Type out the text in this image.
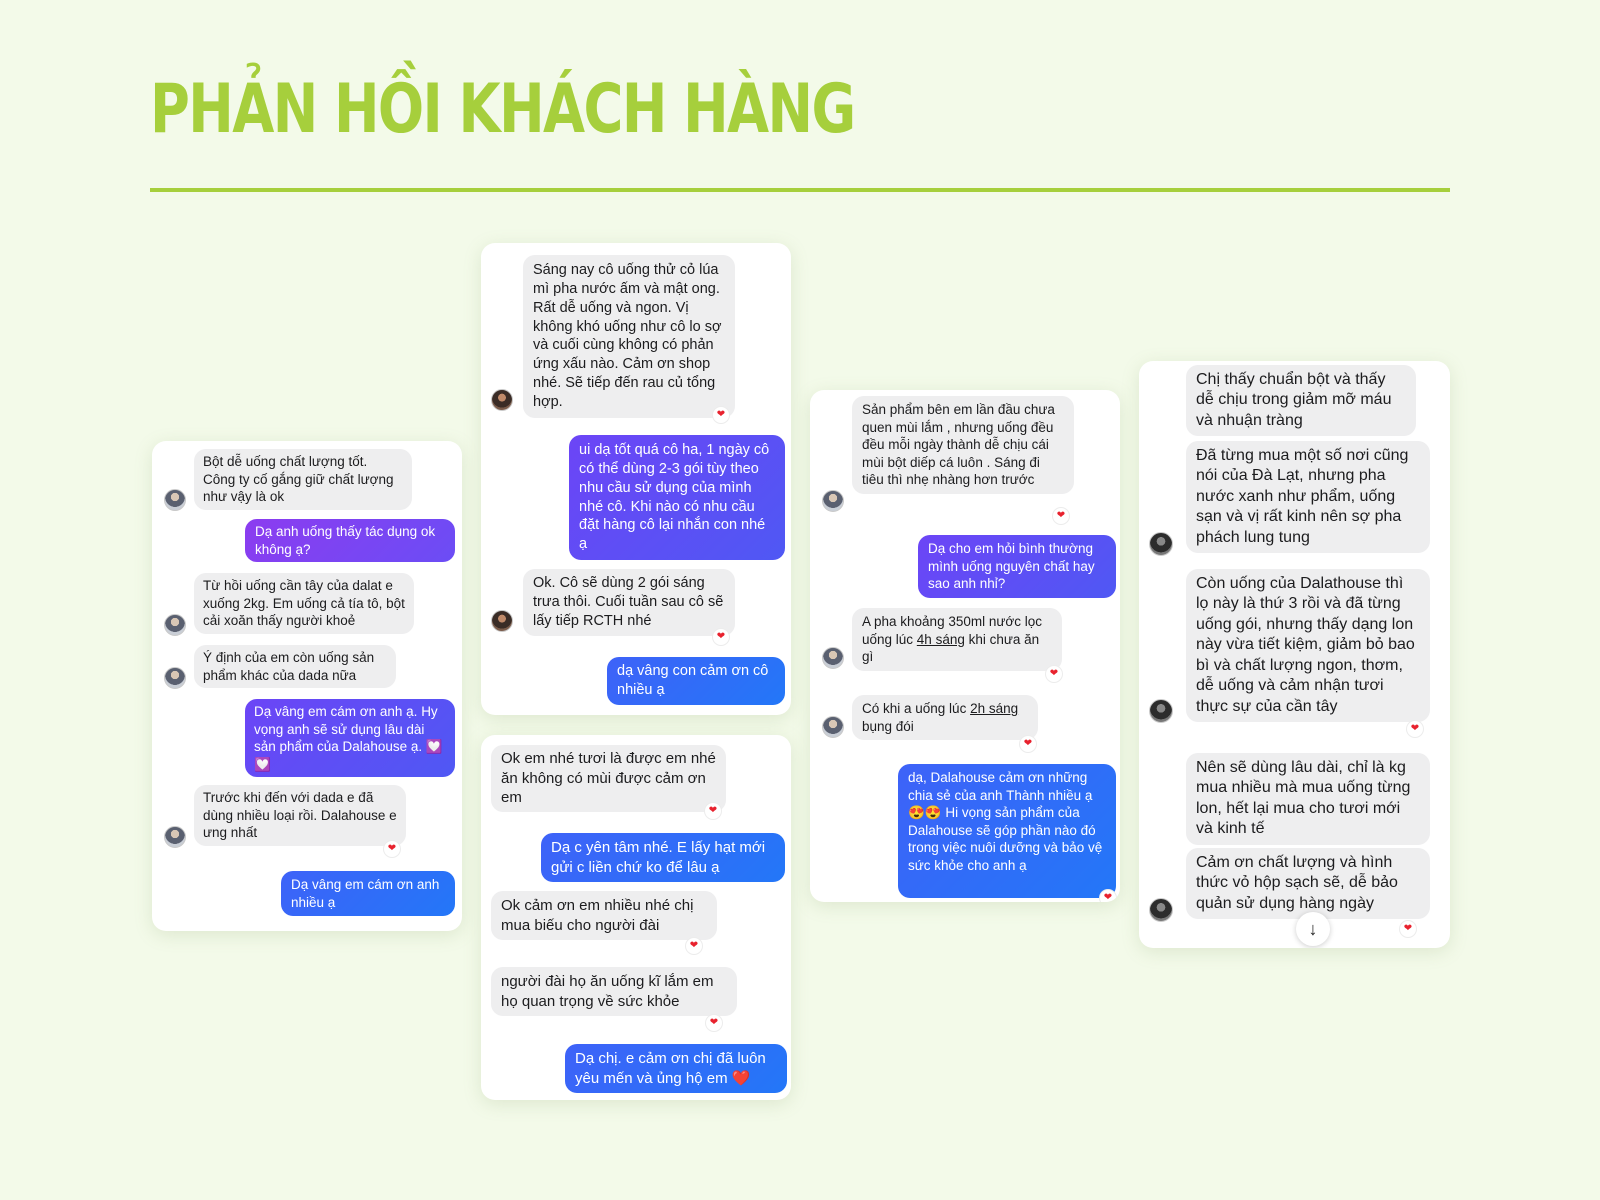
PHẢN HỒI KHÁCH HÀNG
Bột dễ uống chất lượng tốt. Công ty cố gắng giữ chất lượng như vậy là ok
Dạ anh uống thấy tác dụng ok không ạ?
Từ hồi uống cần tây của dalat e xuống 2kg. Em uống cả tía tô, bột cải xoăn thấy người khoẻ
Ý định của em còn uống sản phẩm khác của dada nữa
Dạ vâng em cám ơn anh ạ. Hy vọng anh sẽ sử dụng lâu dài sản phẩm của Dalahouse ạ. 💟 💟
Trước khi đến với dada e đã dùng nhiều loại rồi. Dalahouse e ưng nhất
❤
Dạ vâng em cám ơn anh nhiều ạ
Sáng nay cô uống thử cỏ lúa mì pha nước ấm và mật ong. Rất dễ uống và ngon. Vị không khó uống như cô lo sợ và cuối cùng không có phản ứng xấu nào. Cảm ơn shop nhé. Sẽ tiếp đến rau củ tổng hợp.
❤
ui dạ tốt quá cô ha, 1 ngày cô có thể dùng 2-3 gói tùy theo nhu cầu sử dụng của mình nhé cô. Khi nào có nhu cầu đặt hàng cô lại nhắn con nhé ạ
Ok. Cô sẽ dùng 2 gói sáng trưa thôi. Cuối tuần sau cô sẽ lấy tiếp RCTH nhé
❤
dạ vâng con cảm ơn cô nhiều ạ
Ok em nhé tươi là được em nhé ăn không có mùi được cảm ơn em
❤
Dạ c yên tâm nhé. E lấy hạt mới gửi c liền chứ ko để lâu ạ
Ok cảm ơn em nhiều nhé chị mua biếu cho người đài
❤
người đài họ ăn uống kĩ lắm em họ quan trọng về sức khỏe
❤
Dạ chị. e cảm ơn chị đã luôn yêu mến và ủng hộ em ❤️
Sản phẩm bên em lần đầu chưa quen mùi lắm , nhưng uống đều đều mỗi ngày thành dễ chịu cái mùi bột diếp cá luôn . Sáng đi tiêu thì nhẹ nhàng hơn trước
❤
Dạ cho em hỏi bình thường mình uống nguyên chất hay sao anh nhỉ?
A pha khoảng 350ml nước lọc uống lúc 4h sáng khi chưa ăn gì
❤
Có khi a uống lúc 2h sáng bụng đói
❤
dạ, Dalahouse cảm ơn những chia sẻ của anh Thành nhiều ạ 😍😍 Hi vọng sản phẩm của Dalahouse sẽ góp phần nào đó trong việc nuôi dưỡng và bảo vệ sức khỏe cho anh ạ
❤
Chị thấy chuẩn bột và thấy dễ chịu trong giảm mỡ máu và nhuận tràng
Đã từng mua một số nơi cũng nói của Đà Lạt, nhưng pha nước xanh như phẩm, uống sạn và vị rất kinh nên sợ pha phách lung tung
Còn uống của Dalathouse thì lọ này là thứ 3 rồi và đã từng uống gói, nhưng thấy dạng lon này vừa tiết kiệm, giảm bỏ bao bì và chất lượng ngon, thơm, dễ uống và cảm nhận tươi thực sự của cần tây
❤
Nên sẽ dùng lâu dài, chỉ là kg mua nhiều mà mua uống từng lon, hết lại mua cho tươi mới và kinh tế
Cảm ơn chất lượng và hình thức vỏ hộp sạch sẽ, dễ bảo quản sử dụng hàng ngày
❤
↓
